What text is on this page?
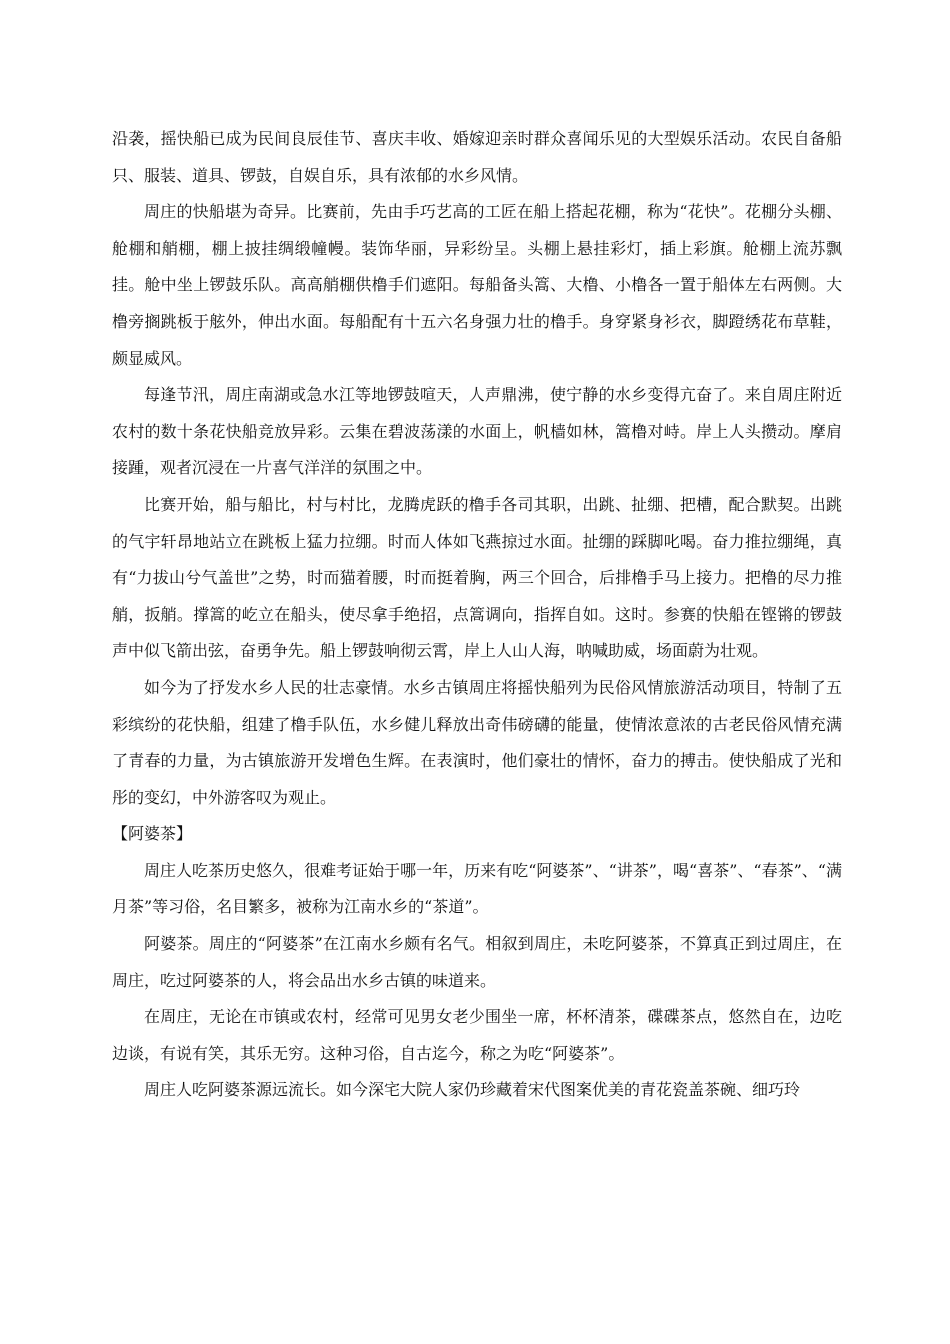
沿袭，摇快船已成为民间良辰佳节、喜庆丰收、婚嫁迎亲时群众喜闻乐见的大型娱乐活动。农民自备船只、服装、道具、锣鼓，自娱自乐，具有浓郁的水乡风情。

周庄的快船堪为奇异。比赛前，先由手巧艺高的工匠在船上搭起花棚，称为“花快”。花棚分头棚、舱棚和艄棚，棚上披挂绸缎幢幔。装饰华丽，异彩纷呈。头棚上悬挂彩灯，插上彩旗。舱棚上流苏飘挂。舱中坐上锣鼓乐队。高高艄棚供橹手们遮阳。每船备头篙、大橹、小橹各一置于船体左右两侧。大橹旁搁跳板于舷外，伸出水面。每船配有十五六名身强力壮的橹手。身穿紧身衫衣，脚蹬绣花布草鞋，颇显威风。

每逢节汛，周庄南湖或急水江等地锣鼓喧天，人声鼎沸，使宁静的水乡变得亢奋了。来自周庄附近农村的数十条花快船竞放异彩。云集在碧波荡漾的水面上，帆樯如林，篙橹对峙。岸上人头攒动。摩肩接踵，观者沉浸在一片喜气洋洋的氛围之中。

比赛开始，船与船比，村与村比，龙腾虎跃的橹手各司其职，出跳、扯绷、把槽，配合默契。出跳的气宇轩昂地站立在跳板上猛力拉绷。时而人体如飞燕掠过水面。扯绷的踩脚叱喝。奋力推拉绷绳，真有“力拔山兮气盖世”之势，时而猫着腰，时而挺着胸，两三个回合，后排橹手马上接力。把橹的尽力推艄，扳艄。撑篙的屹立在船头，使尽拿手绝招，点篙调向，指挥自如。这时。参赛的快船在铿锵的锣鼓声中似飞箭出弦，奋勇争先。船上锣鼓响彻云霄，岸上人山人海，呐喊助威，场面蔚为壮观。

如今为了抒发水乡人民的壮志豪情。水乡古镇周庄将摇快船列为民俗风情旅游活动项目，特制了五彩缤纷的花快船，组建了橹手队伍，水乡健儿释放出奇伟磅礴的能量，使情浓意浓的古老民俗风情充满了青春的力量，为古镇旅游开发增色生辉。在表演时，他们豪壮的情怀，奋力的搏击。使快船成了光和彤的变幻，中外游客叹为观止。

【阿婆茶】

周庄人吃茶历史悠久，很难考证始于哪一年，历来有吃“阿婆茶”、“讲茶”，喝“喜茶”、“春茶”、“满月茶”等习俗，名目繁多，被称为江南水乡的“茶道”。

阿婆茶。周庄的“阿婆茶”在江南水乡颇有名气。相叙到周庄，未吃阿婆茶，不算真正到过周庄，在周庄，吃过阿婆茶的人，将会品出水乡古镇的味道来。

在周庄，无论在市镇或农村，经常可见男女老少围坐一席，杯杯清茶，碟碟茶点，悠然自在，边吃边谈，有说有笑，其乐无穷。这种习俗，自古迄今，称之为吃“阿婆茶”。

周庄人吃阿婆茶源远流长。如今深宅大院人家仍珍藏着宋代图案优美的青花瓷盖茶碗、细巧玲
